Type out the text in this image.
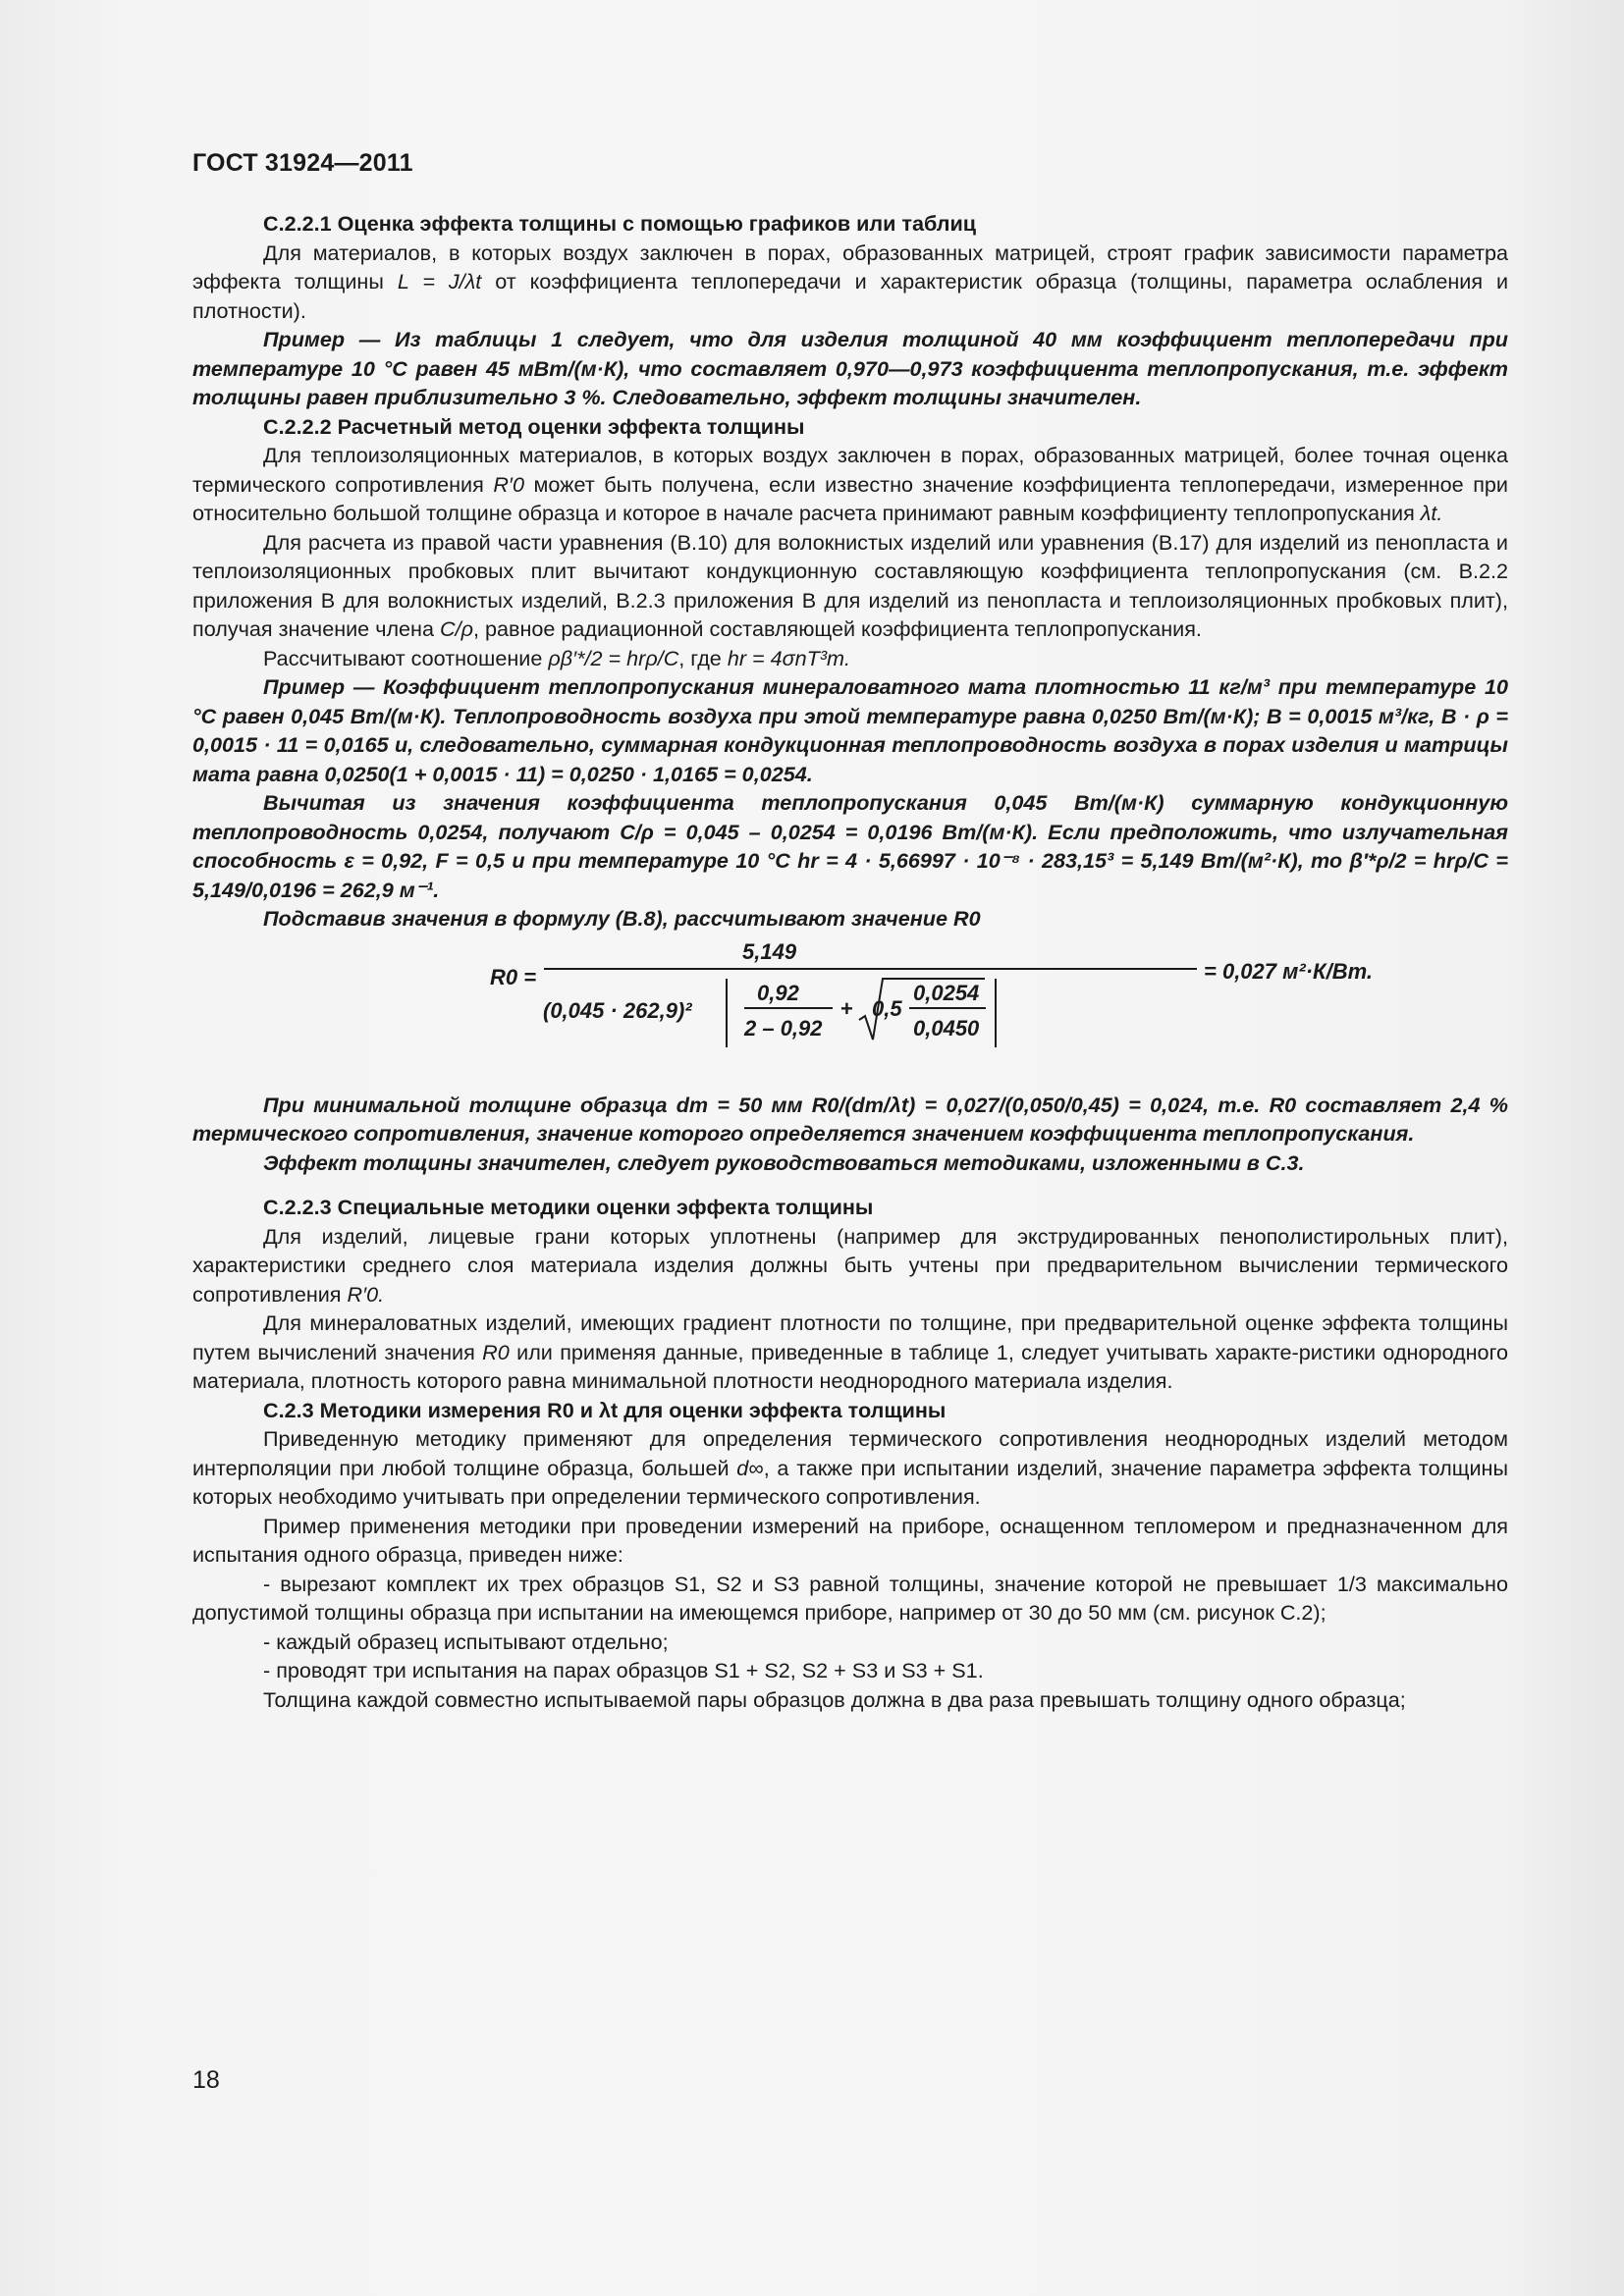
ГОСТ 31924—2011

С.2.2.1 Оценка эффекта толщины с помощью графиков или таблиц

Для материалов, в которых воздух заключен в порах, образованных матрицей, строят график зависимости параметра эффекта толщины L = J/λt от коэффициента теплопередачи и характеристик образца (толщины, параметра ослабления и плотности).

Пример — Из таблицы 1 следует, что для изделия толщиной 40 мм коэффициент теплопередачи при температуре 10 °С равен 45 мВт/(м·К), что составляет 0,970—0,973 коэффициента теплопропускания, т.е. эффект толщины равен приблизительно 3 %. Следовательно, эффект толщины значителен.

С.2.2.2 Расчетный метод оценки эффекта толщины

Для теплоизоляционных материалов, в которых воздух заключен в порах, образованных матрицей, более точная оценка термического сопротивления R′0 может быть получена, если известно значение коэффициента теплопередачи, измеренное при относительно большой толщине образца и которое в начале расчета принимают равным коэффициенту теплопропускания λt.

Для расчета из правой части уравнения (В.10) для волокнистых изделий или уравнения (В.17) для изделий из пенопласта и теплоизоляционных пробковых плит вычитают кондукционную составляющую коэффициента теплопропускания (см. В.2.2 приложения В для волокнистых изделий, В.2.3 приложения В для изделий из пенопласта и теплоизоляционных пробковых плит), получая значение члена C/ρ, равное радиационной составляющей коэффициента теплопропускания.

Рассчитывают соотношение ρβ′*/2 = hrρ/C, где hr = 4σnT³m.

Пример — Коэффициент теплопропускания минераловатного мата плотностью 11 кг/м³ при температуре 10 °С равен 0,045 Вт/(м·К). Теплопроводность воздуха при этой температуре равна 0,0250 Вт/(м·К); В = 0,0015 м³/кг, В · ρ = 0,0015 · 11 = 0,0165 и, следовательно, суммарная кондукционная теплопроводность воздуха в порах изделия и матрицы мата равна 0,0250(1 + 0,0015 · 11) = 0,0250 · 1,0165 = 0,0254.

Вычитая из значения коэффициента теплопропускания 0,045 Вт/(м·К) суммарную кондукционную теплопроводность 0,0254, получают С/ρ = 0,045 – 0,0254 = 0,0196 Вт/(м·К). Если предположить, что излучательная способность ε = 0,92, F = 0,5 и при температуре 10 °С hr = 4 · 5,66997 · 10⁻⁸ · 283,15³ = 5,149 Вт/(м²·К), то β′*ρ/2 = hrρ/C = 5,149/0,0196 = 262,9 м⁻¹.

Подставив значения в формулу (В.8), рассчитывают значение R0

R0 =
5,149
(0,045 · 262,9)²
0,92
2 – 0,92
+ 0,5
0,0254
0,0450
= 0,027 м²·К/Вт.

При минимальной толщине образца dm = 50 мм R0/(dm/λt) = 0,027/(0,050/0,45) = 0,024, т.е. R0 составляет 2,4 % термического сопротивления, значение которого определяется значением коэффициента теплопропускания.

Эффект толщины значителен, следует руководствоваться методиками, изложенными в С.3.

С.2.2.3 Специальные методики оценки эффекта толщины

Для изделий, лицевые грани которых уплотнены (например для экструдированных пенополистирольных плит), характеристики среднего слоя материала изделия должны быть учтены при предварительном вычислении термического сопротивления R′0.

Для минераловатных изделий, имеющих градиент плотности по толщине, при предварительной оценке эффекта толщины путем вычислений значения R0 или применяя данные, приведенные в таблице 1, следует учитывать характе-ристики однородного материала, плотность которого равна минимальной плотности неоднородного материала изделия.

С.2.3 Методики измерения R0 и λt для оценки эффекта толщины

Приведенную методику применяют для определения термического сопротивления неоднородных изделий методом интерполяции при любой толщине образца, большей d∞, а также при испытании изделий, значение параметра эффекта толщины которых необходимо учитывать при определении термического сопротивления.

Пример применения методики при проведении измерений на приборе, оснащенном тепломером и предназначенном для испытания одного образца, приведен ниже:

- вырезают комплект их трех образцов S1, S2 и S3 равной толщины, значение которой не превышает 1/3 максимально допустимой толщины образца при испытании на имеющемся приборе, например от 30 до 50 мм (см. рисунок С.2);

- каждый образец испытывают отдельно;

- проводят три испытания на парах образцов S1 + S2, S2 + S3 и S3 + S1.

Толщина каждой совместно испытываемой пары образцов должна в два раза превышать толщину одного образца;

18
